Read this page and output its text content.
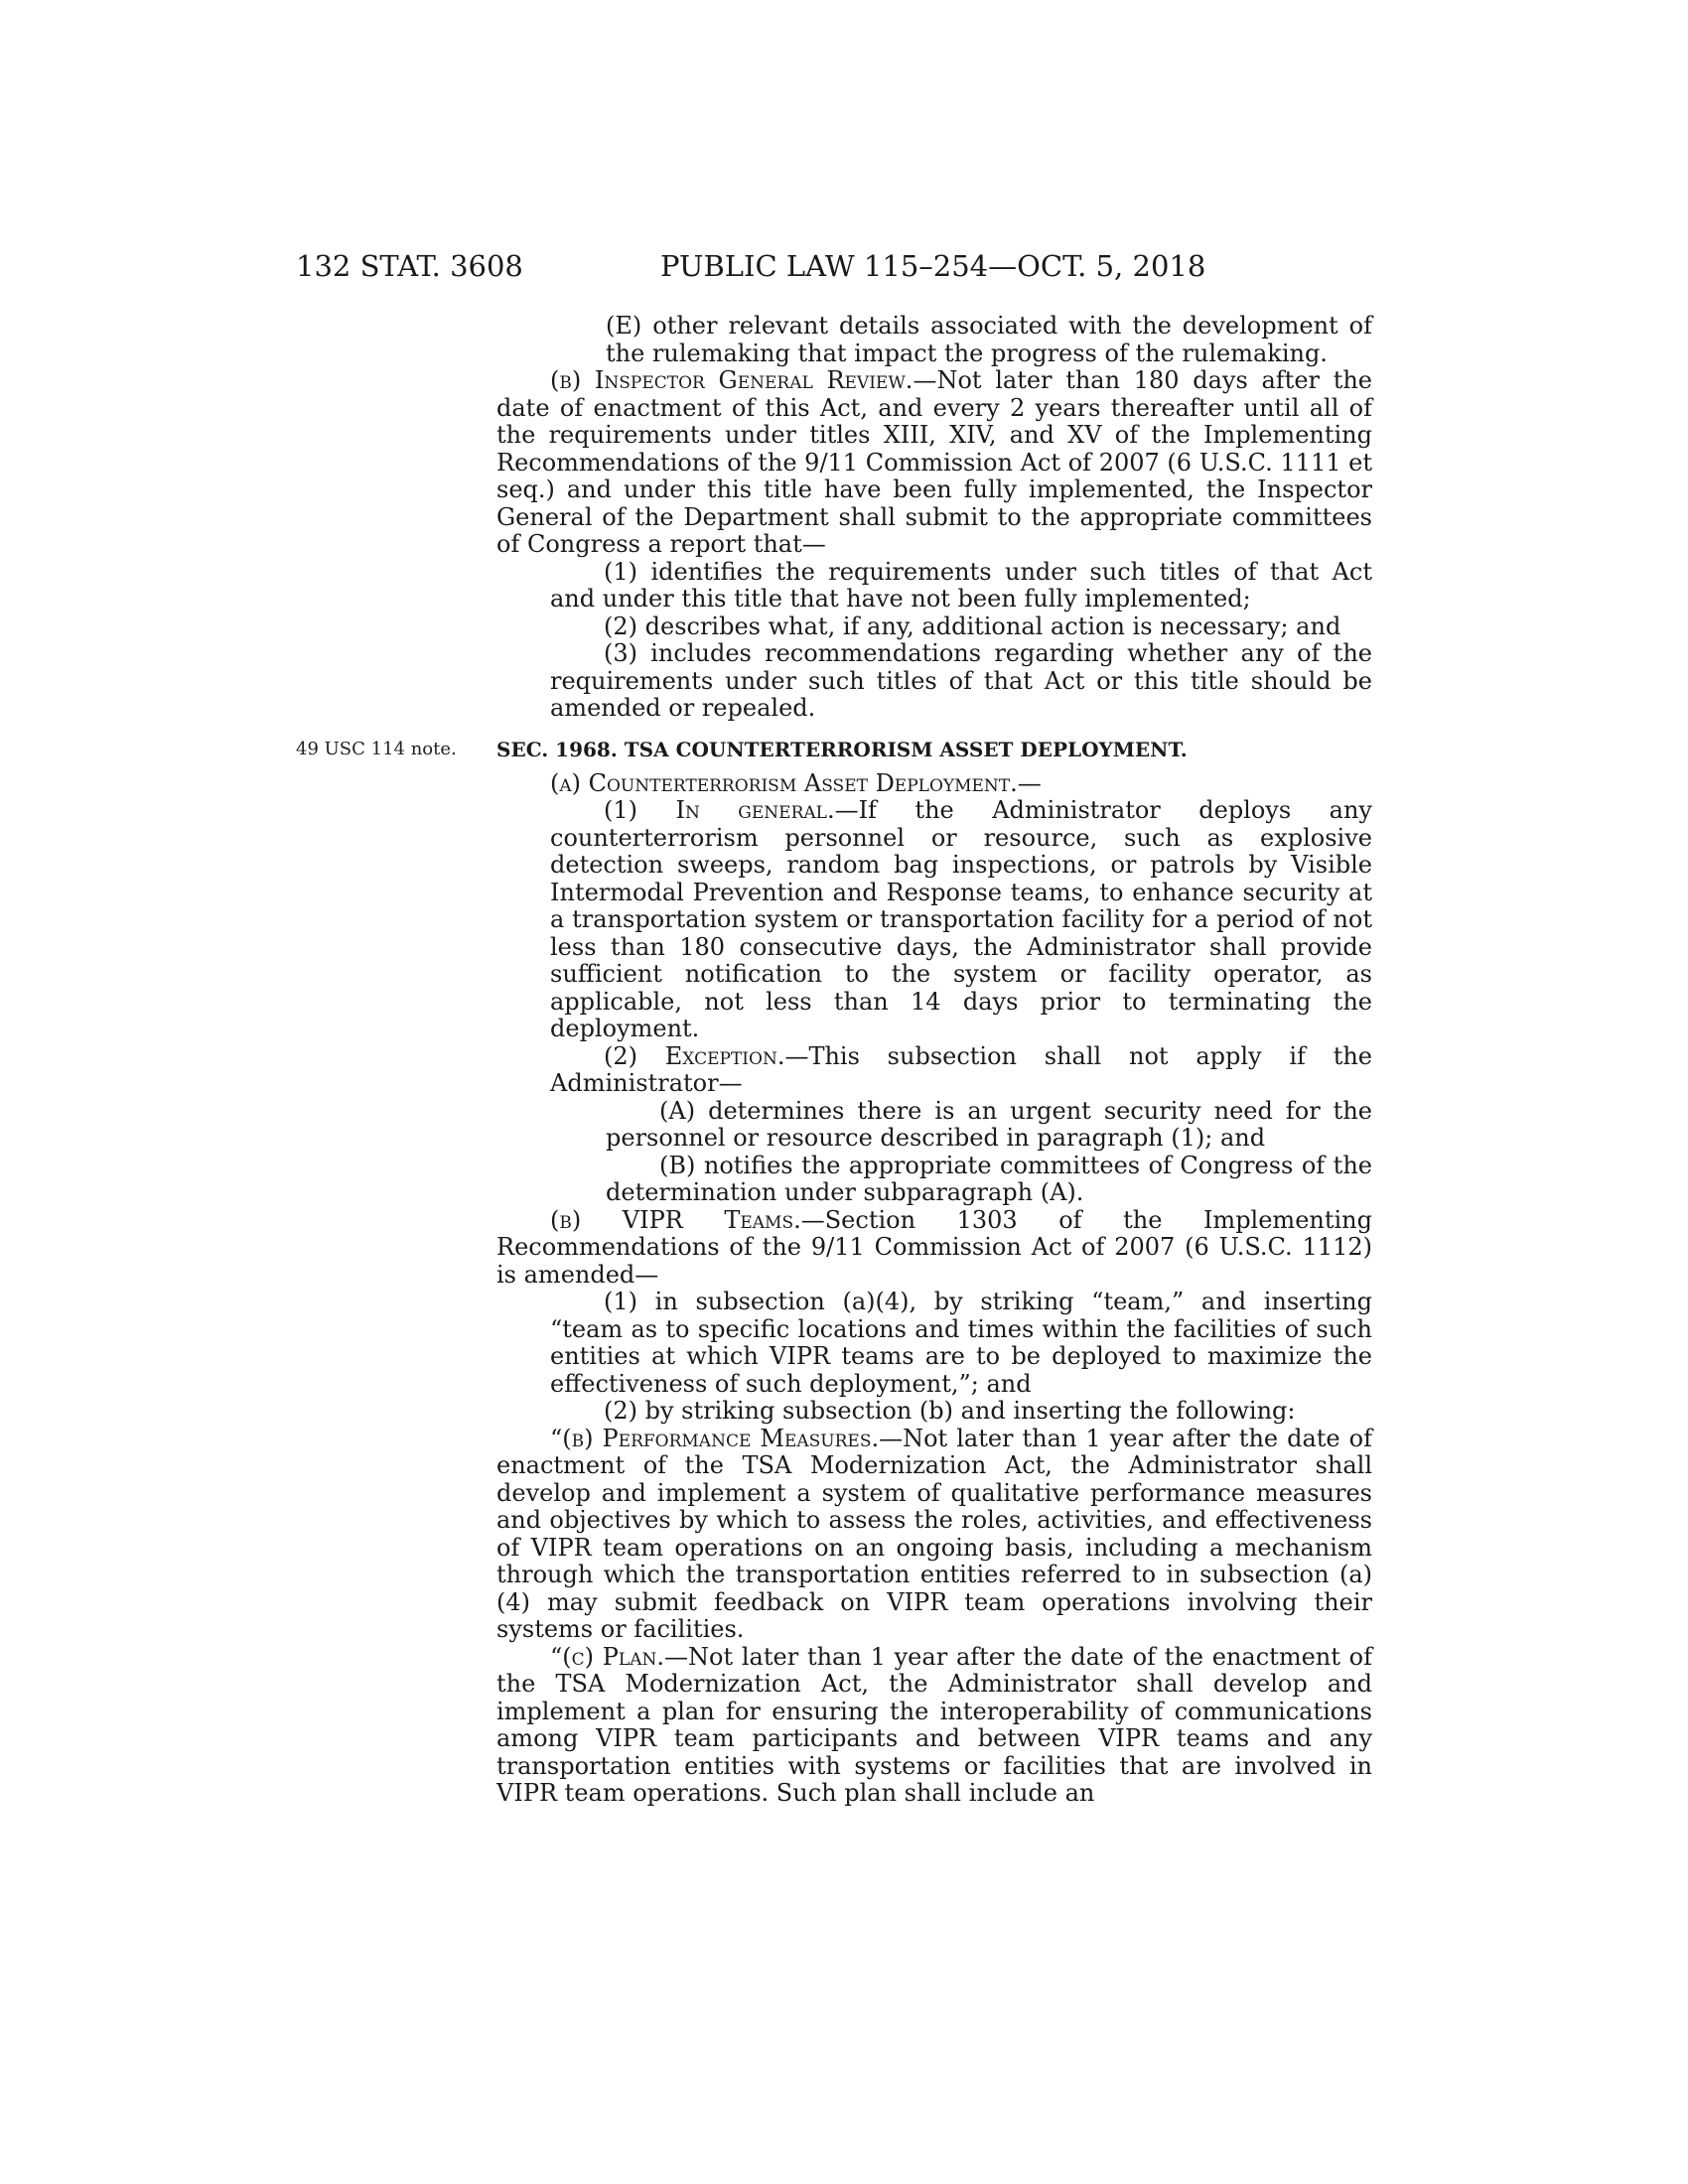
132 STAT. 3608	PUBLIC LAW 115–254—OCT. 5, 2018

(E) other relevant details associated with the development of the rulemaking that impact the progress of the rulemaking.

(b) Inspector General Review.—Not later than 180 days after the date of enactment of this Act, and every 2 years thereafter until all of the requirements under titles XIII, XIV, and XV of the Implementing Recommendations of the 9/11 Commission Act of 2007 (6 U.S.C. 1111 et seq.) and under this title have been fully implemented, the Inspector General of the Department shall submit to the appropriate committees of Congress a report that—

(1) identifies the requirements under such titles of that Act and under this title that have not been fully implemented;

(2) describes what, if any, additional action is necessary; and

(3) includes recommendations regarding whether any of the requirements under such titles of that Act or this title should be amended or repealed.

49 USC 114 note. SEC. 1968. TSA COUNTERTERRORISM ASSET DEPLOYMENT.

(a) Counterterrorism Asset Deployment.—

(1) In general.—If the Administrator deploys any counterterrorism personnel or resource, such as explosive detection sweeps, random bag inspections, or patrols by Visible Intermodal Prevention and Response teams, to enhance security at a transportation system or transportation facility for a period of not less than 180 consecutive days, the Administrator shall provide sufficient notification to the system or facility operator, as applicable, not less than 14 days prior to terminating the deployment.

(2) Exception.—This subsection shall not apply if the Administrator—

(A) determines there is an urgent security need for the personnel or resource described in paragraph (1); and

(B) notifies the appropriate committees of Congress of the determination under subparagraph (A).

(b) VIPR Teams.—Section 1303 of the Implementing Recommendations of the 9/11 Commission Act of 2007 (6 U.S.C. 1112) is amended—

(1) in subsection (a)(4), by striking “team,” and inserting “team as to specific locations and times within the facilities of such entities at which VIPR teams are to be deployed to maximize the effectiveness of such deployment,”; and

(2) by striking subsection (b) and inserting the following:

“(b) Performance Measures.—Not later than 1 year after the date of enactment of the TSA Modernization Act, the Administrator shall develop and implement a system of qualitative performance measures and objectives by which to assess the roles, activities, and effectiveness of VIPR team operations on an ongoing basis, including a mechanism through which the transportation entities referred to in subsection (a)(4) may submit feedback on VIPR team operations involving their systems or facilities.

“(c) Plan.—Not later than 1 year after the date of the enactment of the TSA Modernization Act, the Administrator shall develop and implement a plan for ensuring the interoperability of communications among VIPR team participants and between VIPR teams and any transportation entities with systems or facilities that are involved in VIPR team operations. Such plan shall include an
